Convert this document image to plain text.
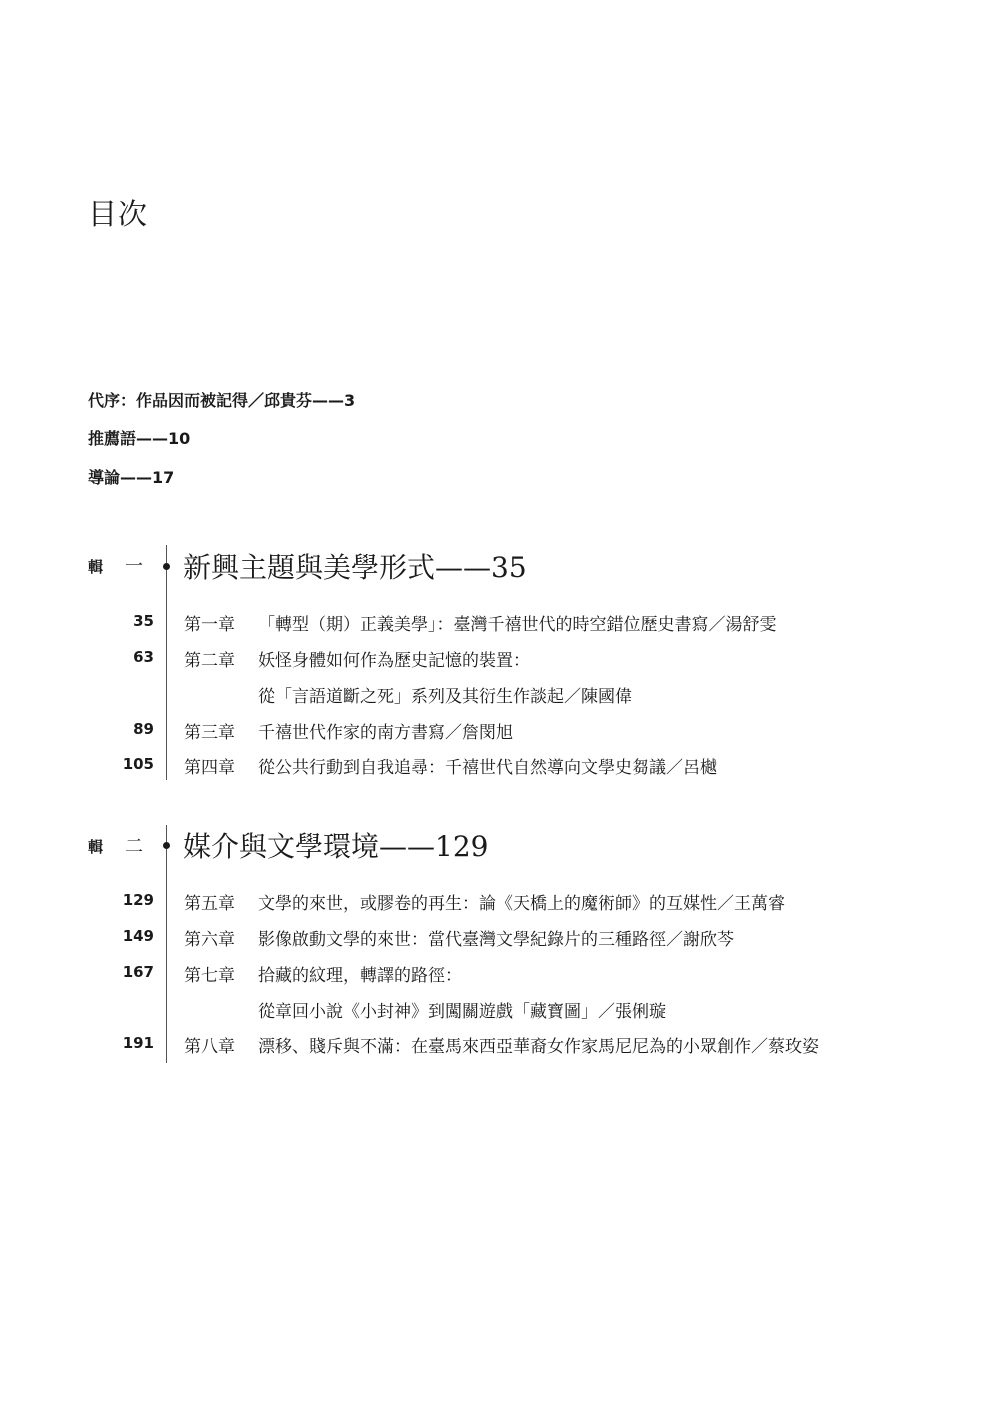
目次
代序：作品因而被記得／邱貴芬——3
推薦語——10
導論——17
輯 一 新興主題與美學形式——35
35 第一章 「轉型（期）正義美學」：臺灣千禧世代的時空錯位歷史書寫／湯舒雯
63 第二章 妖怪身體如何作為歷史記憶的裝置：
從「言語道斷之死」系列及其衍生作談起／陳國偉
89 第三章 千禧世代作家的南方書寫／詹閔旭
105 第四章 從公共行動到自我追尋：千禧世代自然導向文學史芻議／呂樾
輯 二 媒介與文學環境——129
129 第五章 文學的來世，或膠卷的再生：論《天橋上的魔術師》的互媒性／王萬睿
149 第六章 影像啟動文學的來世：當代臺灣文學紀錄片的三種路徑／謝欣芩
167 第七章 拾藏的紋理，轉譯的路徑：
從章回小說《小封神》到闖關遊戲「藏寶圖」／張俐璇
191 第八章 漂移、賤斥與不滿：在臺馬來西亞華裔女作家馬尼尼為的小眾創作／蔡玫姿
